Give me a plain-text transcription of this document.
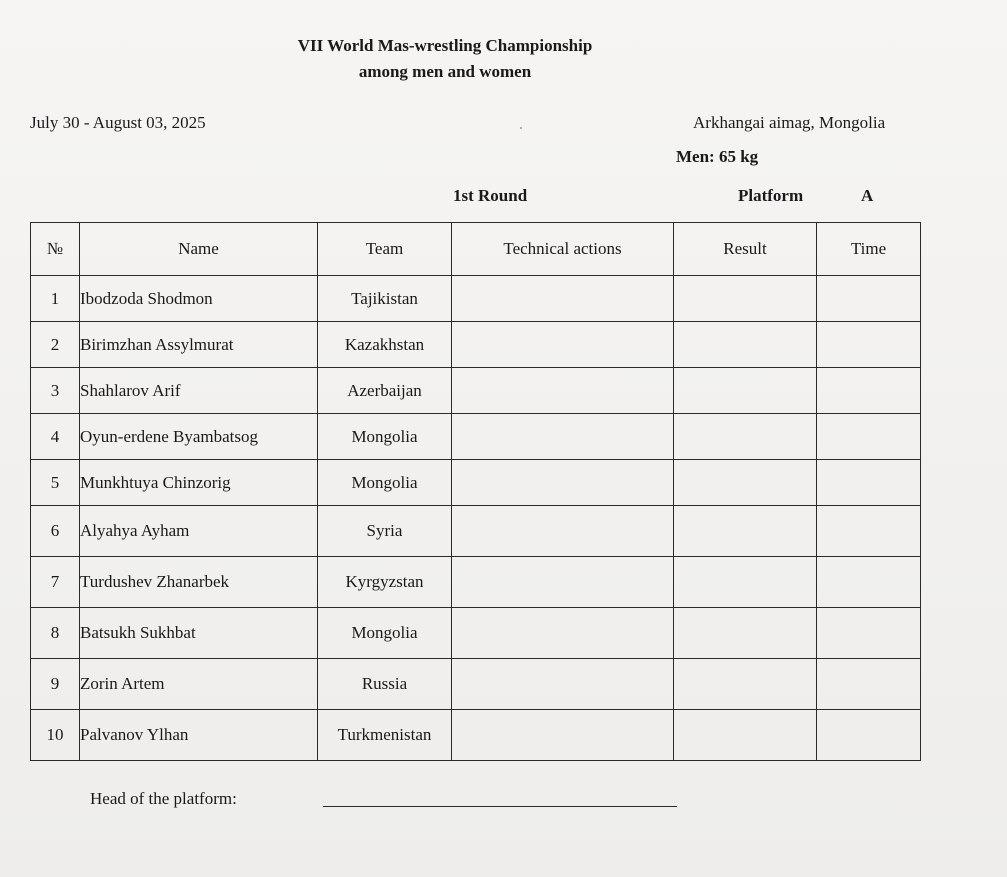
VII World Mas-wrestling Championship
among men and women
July 30 - August 03, 2025	Arkhangai aimag, Mongolia
Men: 65 kg
1st Round	Platform	A
№	Name	Team	Technical actions	Result	Time
1	Ibodzoda Shodmon	Tajikistan			
2	Birimzhan Assylmurat	Kazakhstan			
3	Shahlarov Arif	Azerbaijan			
4	Oyun-erdene Byambatsog	Mongolia			
5	Munkhtuya Chinzorig	Mongolia			
6	Alyahya Ayham	Syria			
7	Turdushev Zhanarbek	Kyrgyzstan			
8	Batsukh Sukhbat	Mongolia			
9	Zorin Artem	Russia			
10	Palvanov Ylhan	Turkmenistan			
Head of the platform:
